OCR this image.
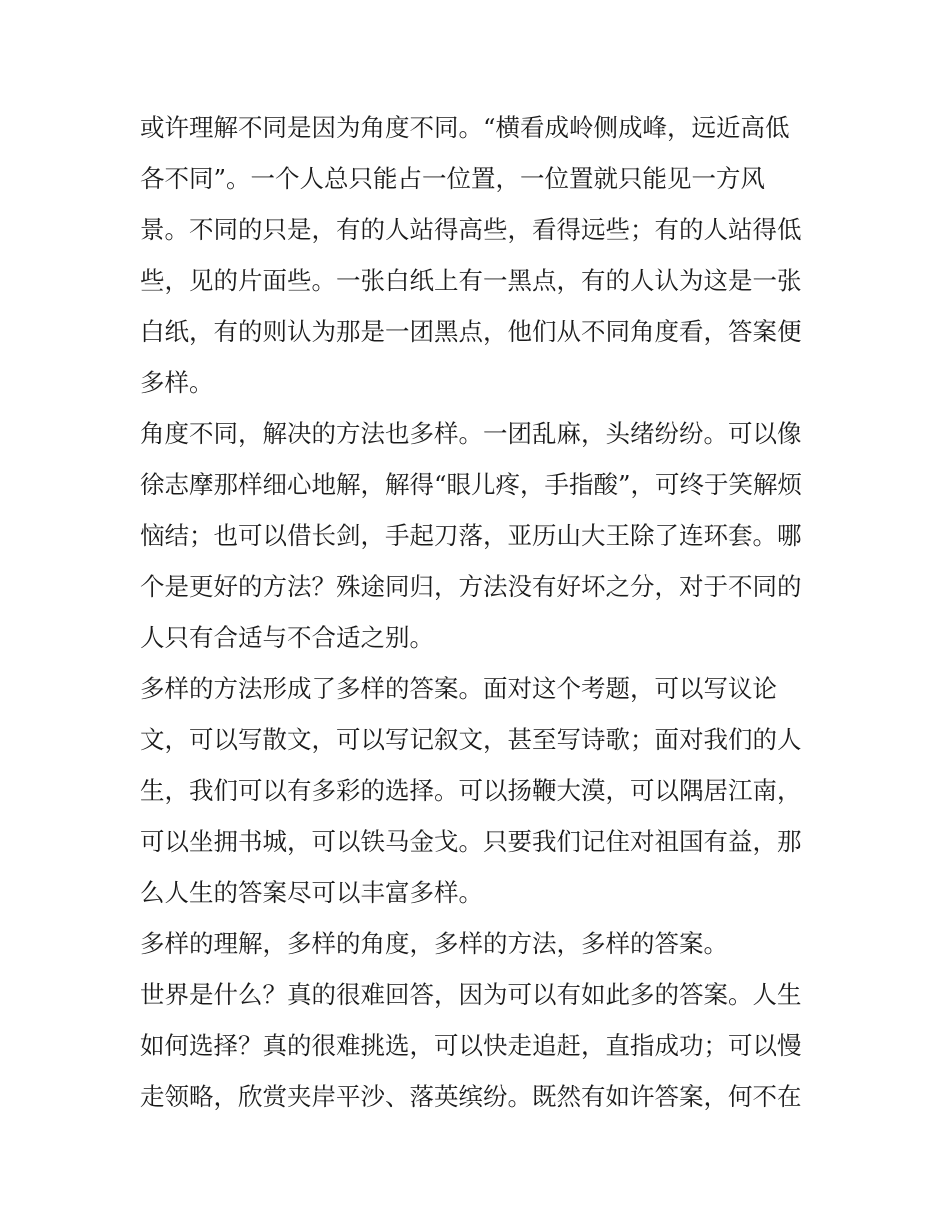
或许理解不同是因为角度不同。“横看成岭侧成峰，远近高低
各不同”。一个人总只能占一位置，一位置就只能见一方风
景。不同的只是，有的人站得高些，看得远些；有的人站得低
些，见的片面些。一张白纸上有一黑点，有的人认为这是一张
白纸，有的则认为那是一团黑点，他们从不同角度看，答案便
多样。
角度不同，解决的方法也多样。一团乱麻，头绪纷纷。可以像
徐志摩那样细心地解，解得“眼儿疼，手指酸”，可终于笑解烦
恼结；也可以借长剑，手起刀落，亚历山大王除了连环套。哪
个是更好的方法？殊途同归，方法没有好坏之分，对于不同的
人只有合适与不合适之别。
多样的方法形成了多样的答案。面对这个考题，可以写议论
文，可以写散文，可以写记叙文，甚至写诗歌；面对我们的人
生，我们可以有多彩的选择。可以扬鞭大漠，可以隅居江南，
可以坐拥书城，可以铁马金戈。只要我们记住对祖国有益，那
么人生的答案尽可以丰富多样。
多样的理解，多样的角度，多样的方法，多样的答案。
世界是什么？真的很难回答，因为可以有如此多的答案。人生
如何选择？真的很难挑选，可以快走追赶，直指成功；可以慢
走领略，欣赏夹岸平沙、落英缤纷。既然有如许答案，何不在
